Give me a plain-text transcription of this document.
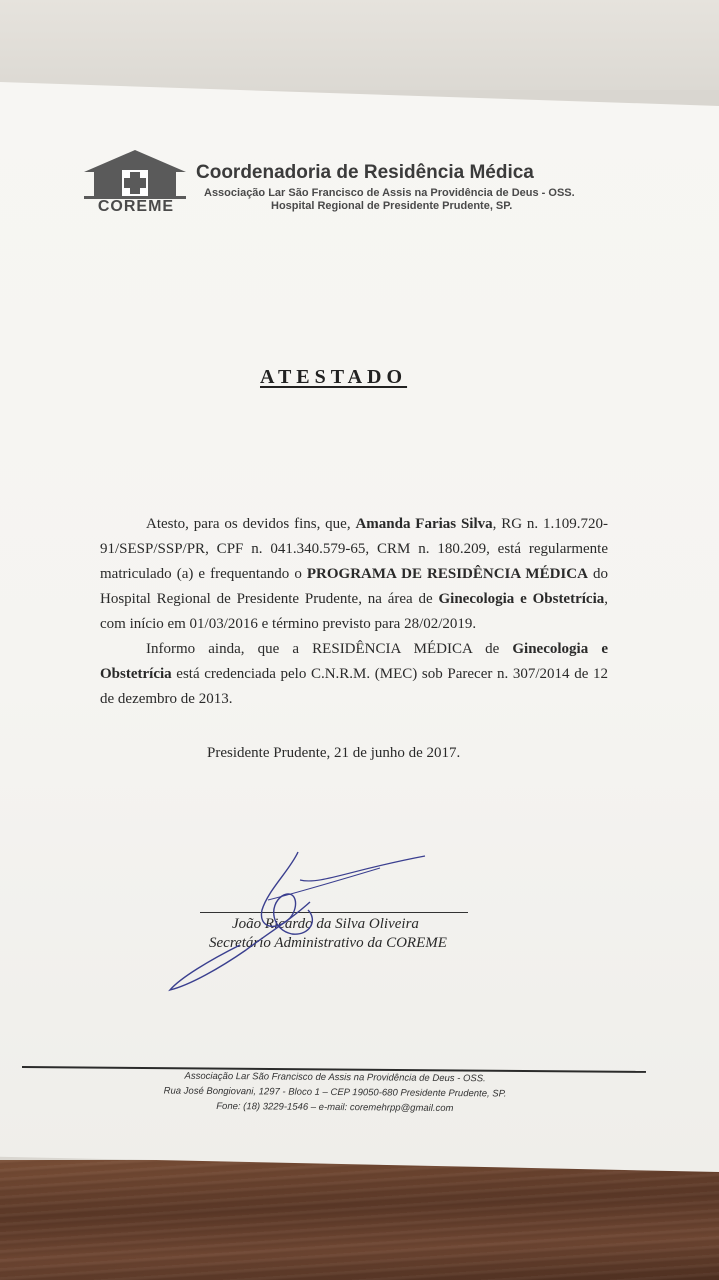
COREME
Coordenadoria de Residência Médica
Associação Lar São Francisco de Assis na Providência de Deus - OSS.
Hospital Regional de Presidente Prudente, SP.
ATESTADO

Atesto, para os devidos fins, que, Amanda Farias Silva, RG n. 1.109.720-91/SESP/SSP/PR, CPF n. 041.340.579-65, CRM n. 180.209, está regularmente matriculado (a) e frequentando o PROGRAMA DE RESIDÊNCIA MÉDICA do Hospital Regional de Presidente Prudente, na área de Ginecologia e Obstetrícia, com início em 01/03/2016 e término previsto para 28/02/2019.

Informo ainda, que a RESIDÊNCIA MÉDICA de Ginecologia e Obstetrícia está credenciada pelo C.N.R.M. (MEC) sob Parecer n. 307/2014 de 12 de dezembro de 2013.

Presidente Prudente, 21 de junho de 2017.
João Ricardo da Silva Oliveira
Secretário Administrativo da COREME
Associação Lar São Francisco de Assis na Providência de Deus - OSS.
Rua José Bongiovani, 1297 - Bloco 1 – CEP 19050-680 Presidente Prudente, SP.
Fone: (18) 3229-1546 – e-mail: coremehrpp@gmail.com
